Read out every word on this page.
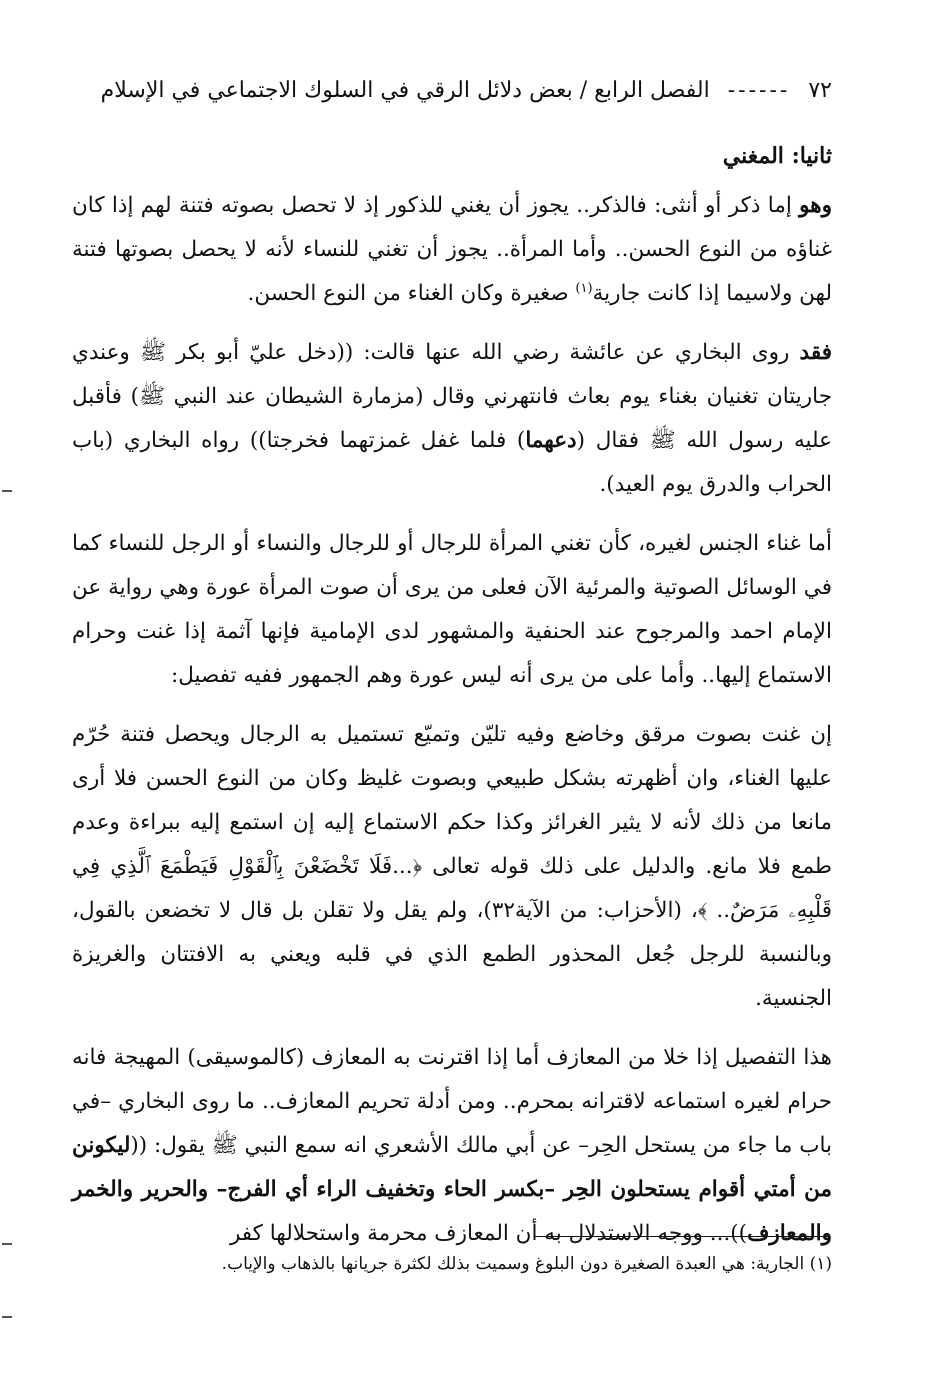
٧٢
------
الفصل الرابع / بعض دلائل الرقي في السلوك الاجتماعي في الإسلام

ثانيا: المغني

وهو إما ذكر أو أنثى: فالذكر.. يجوز أن يغني للذكور إذ لا تحصل بصوته فتنة لهم إذا كان غناؤه من النوع الحسن.. وأما المرأة.. يجوز أن تغني للنساء لأنه لا يحصل بصوتها فتنة لهن ولاسيما إذا كانت جارية$^{(١)}$ صغيرة وكان الغناء من النوع الحسن.

فقد روى البخاري عن عائشة رضي الله عنها قالت: ((دخل عليّ أبو بكر ﷺ وعندي جاريتان تغنيان بغناء يوم بعاث فانتهرني وقال (مزمارة الشيطان عند النبي ﷺ) فأقبل عليه رسول الله ﷺ فقال (دعهما) فلما غفل غمزتهما فخرجتا)) رواه البخاري (باب الحراب والدرق يوم العيد).

أما غناء الجنس لغيره، كأن تغني المرأة للرجال أو للرجال والنساء أو الرجل للنساء كما في الوسائل الصوتية والمرئية الآن فعلى من يرى أن صوت المرأة عورة وهي رواية عن الإمام احمد والمرجوح عند الحنفية والمشهور لدى الإمامية فإنها آثمة إذا غنت وحرام الاستماع إليها.. وأما على من يرى أنه ليس عورة وهم الجمهور ففيه تفصيل:

إن غنت بصوت مرقق وخاضع وفيه تليّن وتميّع تستميل به الرجال ويحصل فتنة حُرّم عليها الغناء، وان أظهرته بشكل طبيعي وبصوت غليظ وكان من النوع الحسن فلا أرى مانعا من ذلك لأنه لا يثير الغرائز وكذا حكم الاستماع إليه إن استمع إليه ببراءة وعدم طمع فلا مانع. والدليل على ذلك قوله تعالى ﴿...فَلَا تَخْضَعْنَ بِٱلْقَوْلِ فَيَطْمَعَ ٱلَّذِي فِي قَلْبِهِۦ مَرَضٌ.. ﴾، (الأحزاب: من الآية٣٢)، ولم يقل ولا تقلن بل قال لا تخضعن بالقول، وبالنسبة للرجل جُعل المحذور الطمع الذي في قلبه ويعني به الافتتان والغريزة الجنسية.

هذا التفصيل إذا خلا من المعازف أما إذا اقترنت به المعازف (كالموسيقى) المهيجة فانه حرام لغيره استماعه لاقترانه بمحرم.. ومن أدلة تحريم المعازف.. ما روى البخاري –في باب ما جاء من يستحل الحِر– عن أبي مالك الأشعري انه سمع النبي ﷺ يقول: ((ليكونن من أمتي أقوام يستحلون الحِر –بكسر الحاء وتخفيف الراء أي الفرج– والحرير والخمر والمعازف))... ووجه الاستدلال به أن المعازف محرمة واستحلالها كفر

(١) الجارية: هي العبدة الصغيرة دون البلوغ وسميت بذلك لكثرة جريانها بالذهاب والإياب.
